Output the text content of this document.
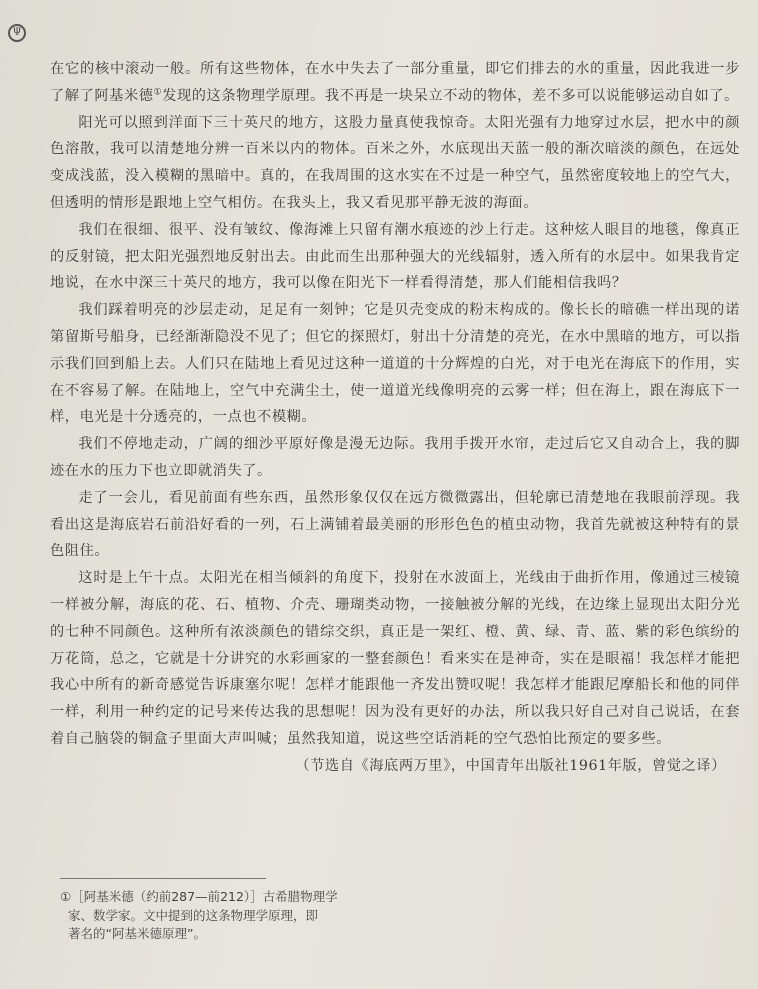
Ψ

在它的核中滚动一般。所有这些物体，在水中失去了一部分重量，即它们排去的水的重量，因此我进一步了解了阿基米德①发现的这条物理学原理。我不再是一块呆立不动的物体，差不多可以说能够运动自如了。

阳光可以照到洋面下三十英尺的地方，这股力量真使我惊奇。太阳光强有力地穿过水层，把水中的颜色溶散，我可以清楚地分辨一百米以内的物体。百米之外，水底现出天蓝一般的渐次暗淡的颜色，在远处变成浅蓝，没入模糊的黑暗中。真的，在我周围的这水实在不过是一种空气，虽然密度较地上的空气大，但透明的情形是跟地上空气相仿。在我头上，我又看见那平静无波的海面。

我们在很细、很平、没有皱纹、像海滩上只留有潮水痕迹的沙上行走。这种炫人眼目的地毯，像真正的反射镜，把太阳光强烈地反射出去。由此而生出那种强大的光线辐射，透入所有的水层中。如果我肯定地说，在水中深三十英尺的地方，我可以像在阳光下一样看得清楚，那人们能相信我吗？

我们踩着明亮的沙层走动，足足有一刻钟；它是贝壳变成的粉末构成的。像长长的暗礁一样出现的诺第留斯号船身，已经渐渐隐没不见了；但它的探照灯，射出十分清楚的亮光，在水中黑暗的地方，可以指示我们回到船上去。人们只在陆地上看见过这种一道道的十分辉煌的白光，对于电光在海底下的作用，实在不容易了解。在陆地上，空气中充满尘土，使一道道光线像明亮的云雾一样；但在海上，跟在海底下一样，电光是十分透亮的，一点也不模糊。

我们不停地走动，广阔的细沙平原好像是漫无边际。我用手拨开水帘，走过后它又自动合上，我的脚迹在水的压力下也立即就消失了。

走了一会儿，看见前面有些东西，虽然形象仅仅在远方微微露出，但轮廓已清楚地在我眼前浮现。我看出这是海底岩石前沿好看的一列，石上满铺着最美丽的形形色色的植虫动物，我首先就被这种特有的景色阻住。

这时是上午十点。太阳光在相当倾斜的角度下，投射在水波面上，光线由于曲折作用，像通过三棱镜一样被分解，海底的花、石、植物、介壳、珊瑚类动物，一接触被分解的光线，在边缘上显现出太阳分光的七种不同颜色。这种所有浓淡颜色的错综交织，真正是一架红、橙、黄、绿、青、蓝、紫的彩色缤纷的万花筒，总之，它就是十分讲究的水彩画家的一整套颜色！看来实在是神奇，实在是眼福！我怎样才能把我心中所有的新奇感觉告诉康塞尔呢！怎样才能跟他一齐发出赞叹呢！我怎样才能跟尼摩船长和他的同伴一样，利用一种约定的记号来传达我的思想呢！因为没有更好的办法，所以我只好自己对自己说话，在套着自己脑袋的铜盒子里面大声叫喊；虽然我知道，说这些空话消耗的空气恐怕比预定的要多些。

（节选自《海底两万里》，中国青年出版社1961年版，曾觉之译）

①［阿基米德（约前287—前212）］古希腊物理学
家、数学家。文中提到的这条物理学原理，即
著名的“阿基米德原理”。
